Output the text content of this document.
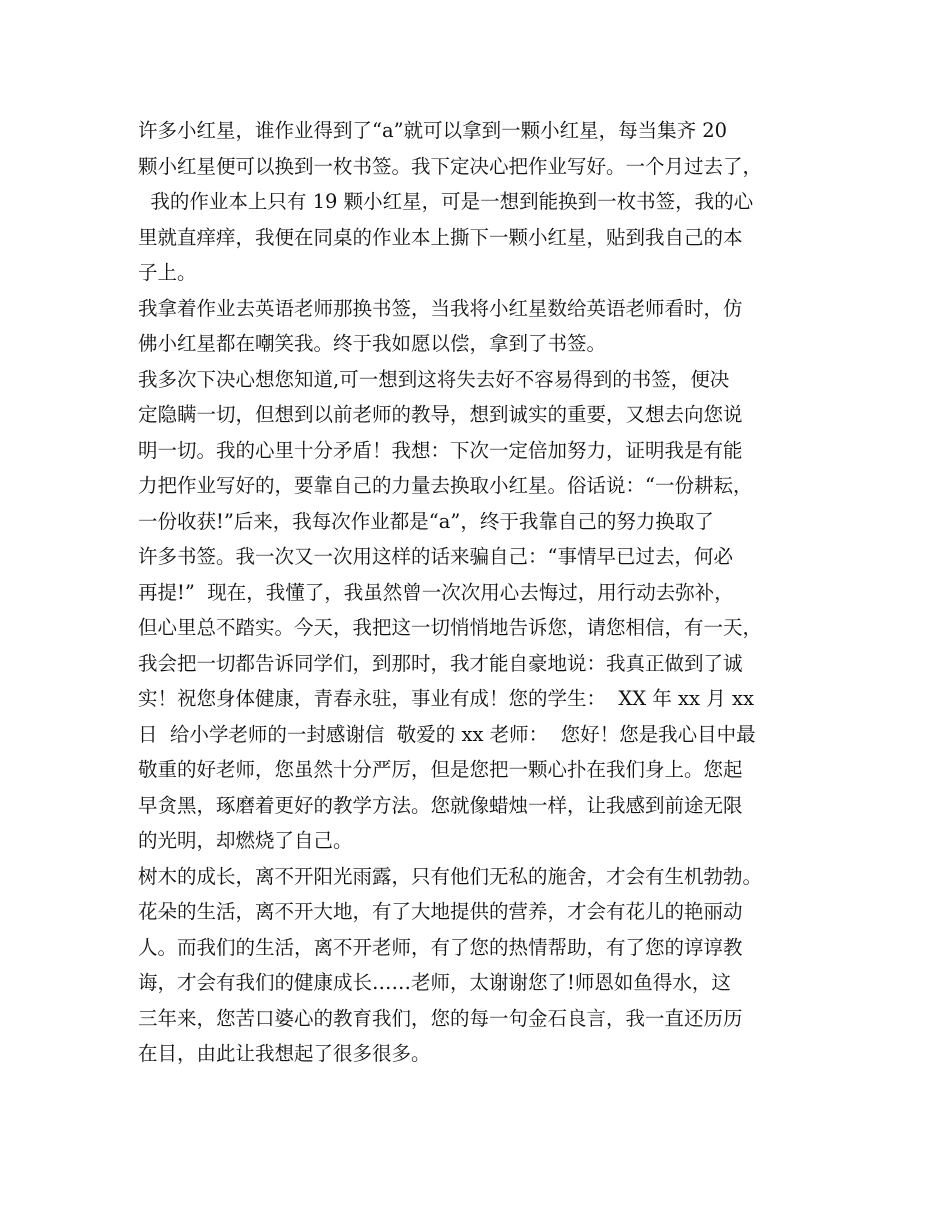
许多小红星，谁作业得到了“a”就可以拿到一颗小红星，每当集齐 20
颗小红星便可以换到一枚书签。我下定决心把作业写好。一个月过去了，
我的作业本上只有 19 颗小红星，可是一想到能换到一枚书签，我的心
里就直痒痒，我便在同桌的作业本上撕下一颗小红星，贴到我自己的本
子上。
我拿着作业去英语老师那换书签，当我将小红星数给英语老师看时，仿
佛小红星都在嘲笑我。终于我如愿以偿，拿到了书签。
我多次下决心想您知道,可一想到这将失去好不容易得到的书签，便决
定隐瞒一切，但想到以前老师的教导，想到诚实的重要，又想去向您说
明一切。我的心里十分矛盾！我想：下次一定倍加努力，证明我是有能
力把作业写好的，要靠自己的力量去换取小红星。俗话说：“一份耕耘，
一份收获!”后来，我每次作业都是“a”，终于我靠自己的努力换取了
许多书签。我一次又一次用这样的话来骗自己：“事情早已过去，何必
再提!”  现在，我懂了，我虽然曾一次次用心去悔过，用行动去弥补，
但心里总不踏实。今天，我把这一切悄悄地告诉您，请您相信，有一天，
我会把一切都告诉同学们，到那时，我才能自豪地说：我真正做到了诚
实！祝您身体健康，青春永驻，事业有成！您的学生：  XX 年 xx 月 xx
日  给小学老师的一封感谢信  敬爱的 xx 老师：  您好！您是我心目中最
敬重的好老师，您虽然十分严厉，但是您把一颗心扑在我们身上。您起
早贪黑，琢磨着更好的教学方法。您就像蜡烛一样，让我感到前途无限
的光明，却燃烧了自己。
树木的成长，离不开阳光雨露，只有他们无私的施舍，才会有生机勃勃。
花朵的生活，离不开大地，有了大地提供的营养，才会有花儿的艳丽动
人。而我们的生活，离不开老师，有了您的热情帮助，有了您的谆谆教
诲，才会有我们的健康成长……老师，太谢谢您了!师恩如鱼得水，这
三年来，您苦口婆心的教育我们，您的每一句金石良言，我一直还历历
在目，由此让我想起了很多很多。
